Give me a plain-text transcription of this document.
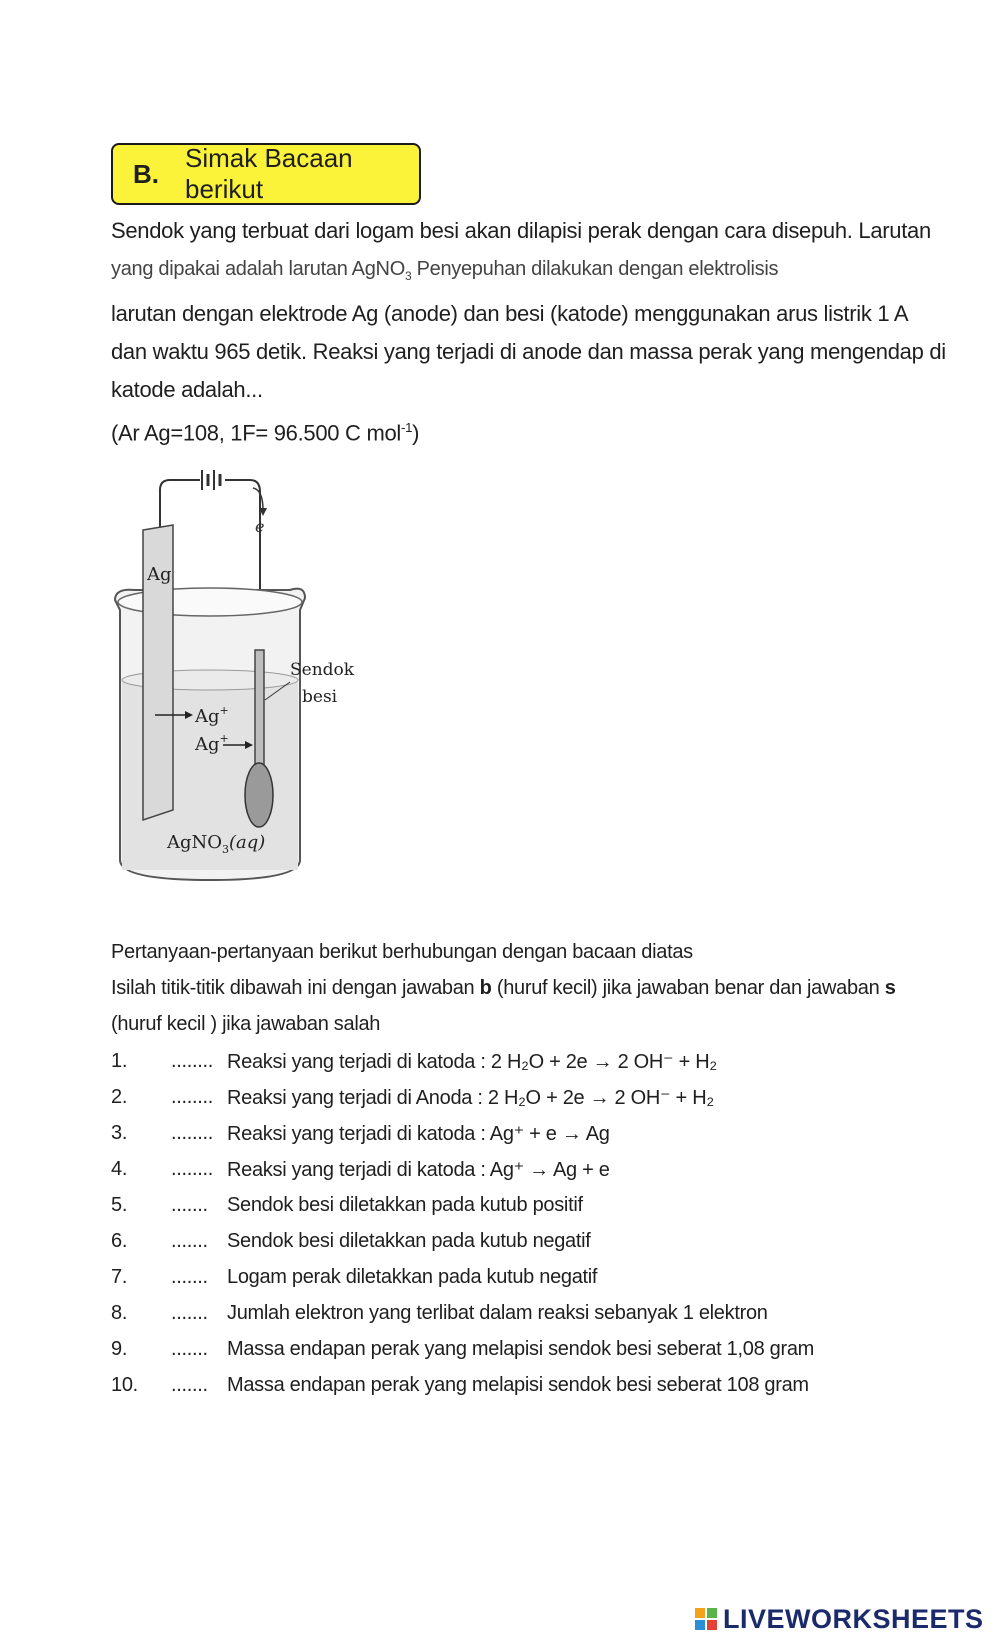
B.
Simak Bacaan berikut

Sendok yang terbuat dari logam besi akan dilapisi perak dengan cara disepuh. Larutan

yang dipakai adalah larutan AgNO$_3$ Penyepuhan dilakukan dengan elektrolisis

larutan dengan elektrode Ag (anode) dan besi (katode) menggunakan arus listrik 1 A

dan waktu 965 detik. Reaksi yang terjadi di anode dan massa perak yang mengendap di

katode adalah...

(Ar Ag=108, 1F= 96.500 C mol$^{-1}$)

e
Ag
Sendok
besi
Ag+
Ag+
AgNO$_3$(aq)

Pertanyaan-pertanyaan berikut berhubungan dengan bacaan diatas

Isilah titik-titik dibawah ini dengan jawaban b (huruf kecil) jika jawaban benar dan jawaban s

(huruf kecil ) jika jawaban salah

1.	........ Reaksi yang terjadi di katoda : 2 H₂O + 2e → 2 OH⁻ + H₂
2.	........ Reaksi yang terjadi di Anoda : 2 H₂O + 2e → 2 OH⁻ + H₂
3.	........ Reaksi yang terjadi di katoda : Ag⁺ + e → Ag
4.	........ Reaksi yang terjadi di katoda : Ag⁺ → Ag + e
5.	....... Sendok besi diletakkan pada kutub positif
6.	....... Sendok besi diletakkan pada kutub negatif
7.	....... Logam perak diletakkan pada kutub negatif
8.	....... Jumlah elektron yang terlibat dalam reaksi sebanyak 1 elektron
9.	....... Massa endapan perak yang melapisi sendok besi seberat 1,08 gram
10.	....... Massa endapan perak yang melapisi sendok besi seberat 108 gram
LIVEWORKSHEETS
